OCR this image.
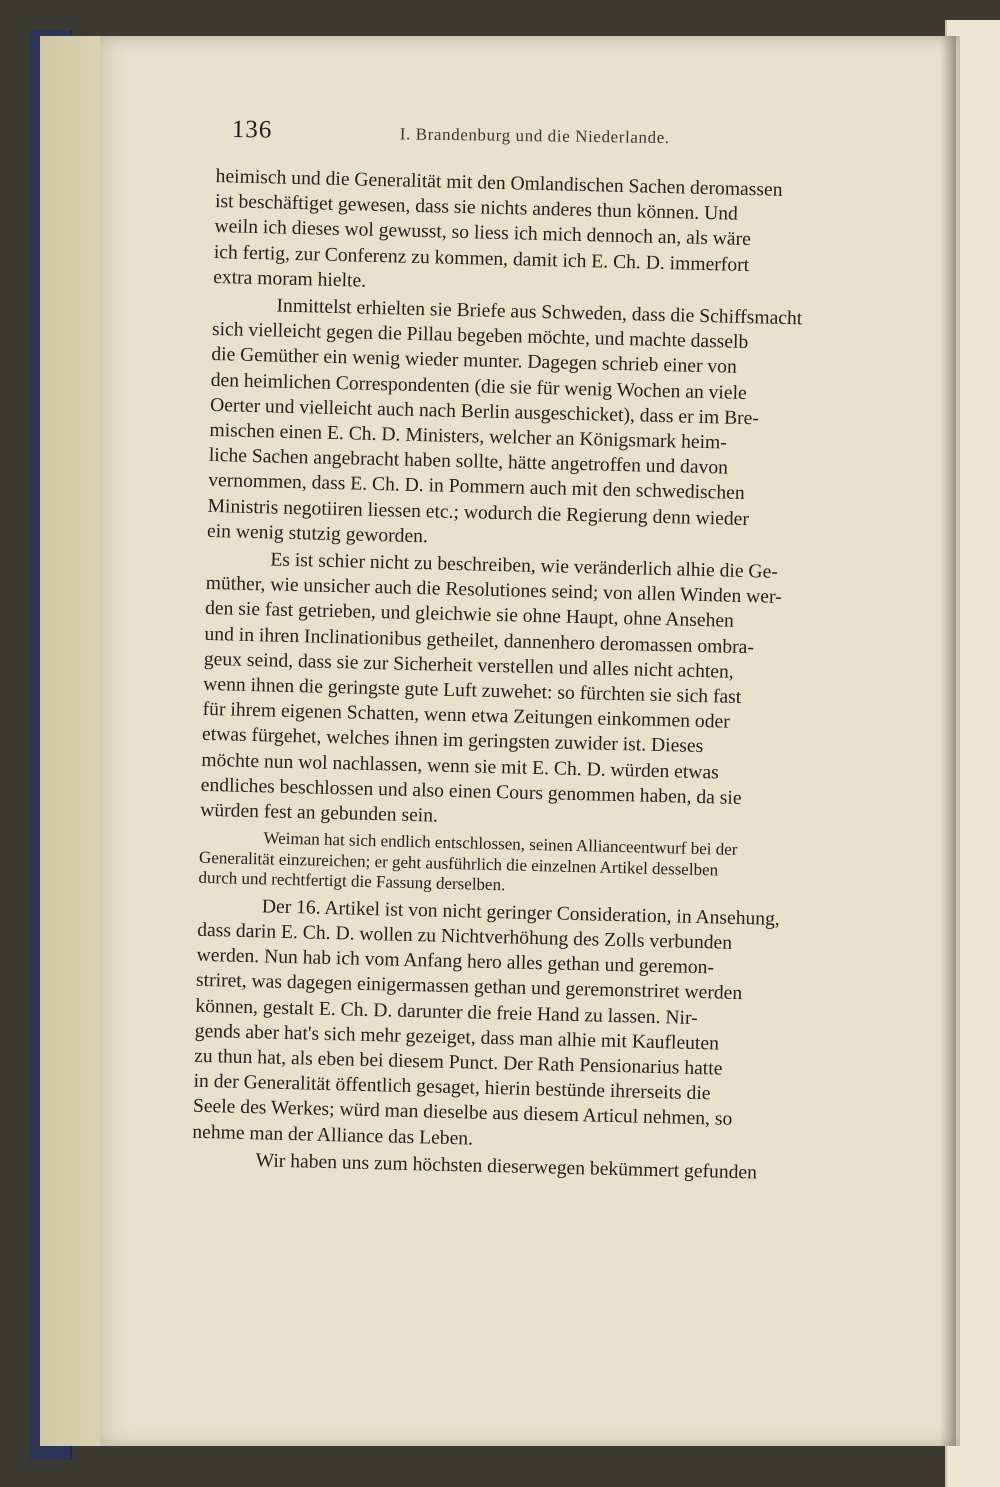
136	I. Brandenburg und die Niederlande.

heimisch und die Generalität mit den Omlandischen Sachen deromassen
ist beschäftiget gewesen, dass sie nichts anderes thun können. Und
weiln ich dieses wol gewusst, so liess ich mich dennoch an, als wäre
ich fertig, zur Conferenz zu kommen, damit ich E. Ch. D. immerfort
extra moram hielte.

Inmittelst erhielten sie Briefe aus Schweden, dass die Schiffsmacht
sich vielleicht gegen die Pillau begeben möchte, und machte dasselb
die Gemüther ein wenig wieder munter. Dagegen schrieb einer von
den heimlichen Correspondenten (die sie für wenig Wochen an viele
Oerter und vielleicht auch nach Berlin ausgeschicket), dass er im Bre-
mischen einen E. Ch. D. Ministers, welcher an Königsmark heim-
liche Sachen angebracht haben sollte, hätte angetroffen und davon
vernommen, dass E. Ch. D. in Pommern auch mit den schwedischen
Ministris negotiiren liessen etc.; wodurch die Regierung denn wieder
ein wenig stutzig geworden.

Es ist schier nicht zu beschreiben, wie veränderlich alhie die Ge-
müther, wie unsicher auch die Resolutiones seind; von allen Winden wer-
den sie fast getrieben, und gleichwie sie ohne Haupt, ohne Ansehen
und in ihren Inclinationibus getheilet, dannenhero deromassen ombra-
geux seind, dass sie zur Sicherheit verstellen und alles nicht achten,
wenn ihnen die geringste gute Luft zuwehet: so fürchten sie sich fast
für ihrem eigenen Schatten, wenn etwa Zeitungen einkommen oder
etwas fürgehet, welches ihnen im geringsten zuwider ist. Dieses
möchte nun wol nachlassen, wenn sie mit E. Ch. D. würden etwas
endliches beschlossen und also einen Cours genommen haben, da sie
würden fest an gebunden sein.

Weiman hat sich endlich entschlossen, seinen Allianceentwurf bei der
Generalität einzureichen; er geht ausführlich die einzelnen Artikel desselben
durch und rechtfertigt die Fassung derselben.

Der 16. Artikel ist von nicht geringer Consideration, in Ansehung,
dass darin E. Ch. D. wollen zu Nichtverhöhung des Zolls verbunden
werden. Nun hab ich vom Anfang hero alles gethan und geremon-
striret, was dagegen einigermassen gethan und geremonstriret werden
können, gestalt E. Ch. D. darunter die freie Hand zu lassen. Nir-
gends aber hat's sich mehr gezeiget, dass man alhie mit Kaufleuten
zu thun hat, als eben bei diesem Punct. Der Rath Pensionarius hatte
in der Generalität öffentlich gesaget, hierin bestünde ihrerseits die
Seele des Werkes; würd man dieselbe aus diesem Articul nehmen, so
nehme man der Alliance das Leben.

Wir haben uns zum höchsten dieserwegen bekümmert gefunden
